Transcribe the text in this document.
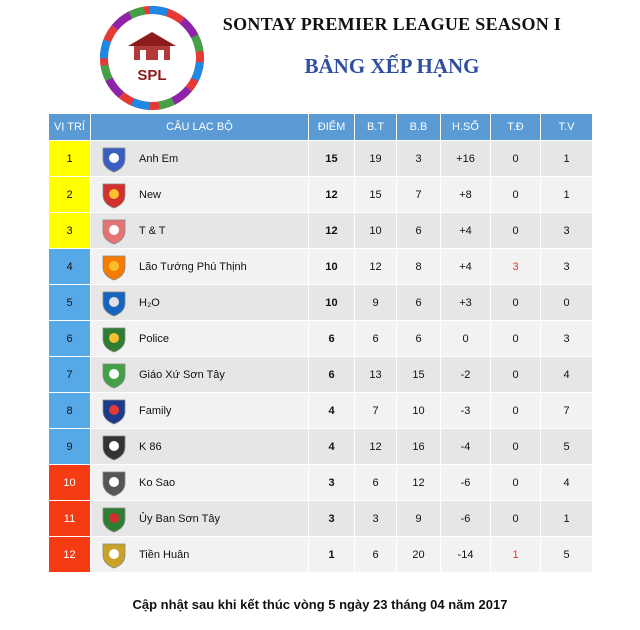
SPL
SONTAY PREMIER LEAGUE SEASON I
BẢNG XẾP HẠNG
VỊ TRÍ	CÂU LẠC BỘ	ĐIỂM	B.T	B.B	H.SỐ	T.Đ	T.V
1	Anh Em	15	19	3	+16	0	1
2	New	12	15	7	+8	0	1
3	T & T	12	10	6	+4	0	3
4	Lão Tướng Phú Thịnh	10	12	8	+4	3	3
5	H₂O	10	9	6	+3	0	0
6	Police	6	6	6	0	0	3
7	Giáo Xứ Sơn Tây	6	13	15	-2	0	4
8	Family	4	7	10	-3	0	7
9	K 86	4	12	16	-4	0	5
10	Ko Sao	3	6	12	-6	0	4
11	Ủy Ban Sơn Tây	3	3	9	-6	0	1
12	Tiền Huân	1	6	20	-14	1	5
Cập nhật sau khi kết thúc vòng 5 ngày 23 tháng 04 năm 2017
